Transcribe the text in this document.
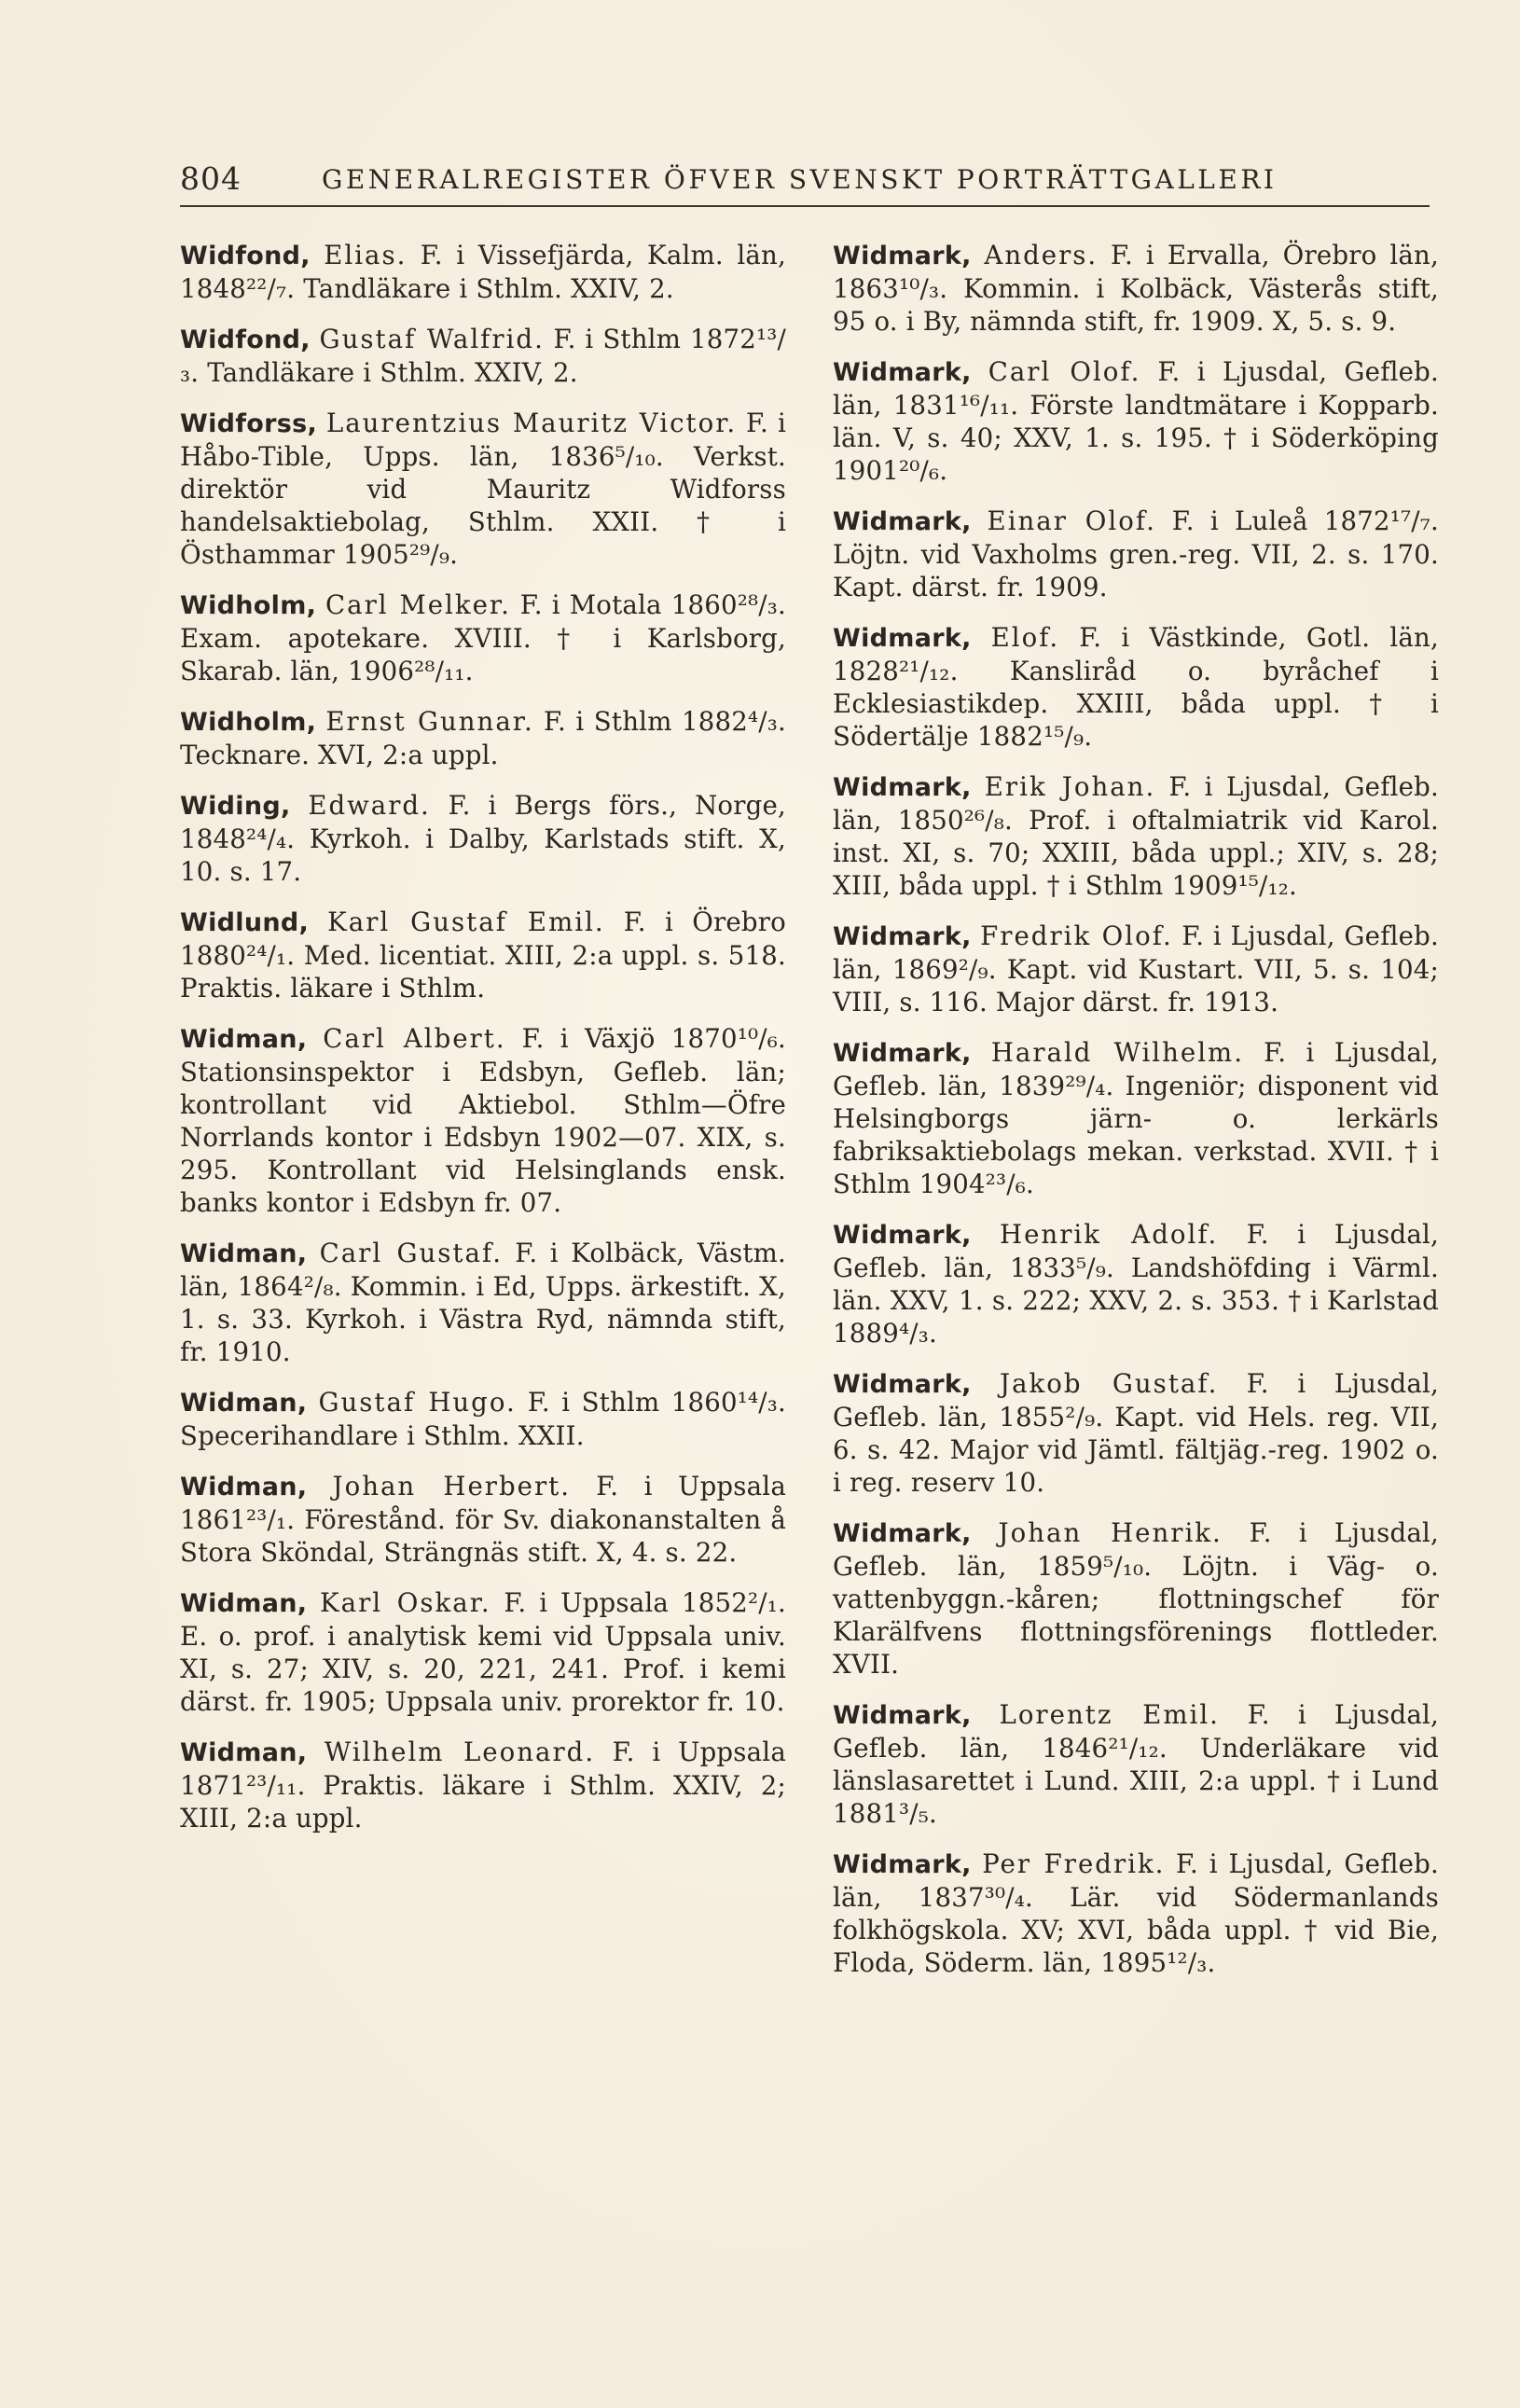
804	GENERALREGISTER ÖFVER SVENSKT PORTRÄTTGALLERI

Widfond, Elias. F. i Vissefjärda, Kalm. län, 1848²²/₇. Tandläkare i Sthlm. XXIV, 2.

Widfond, Gustaf Walfrid. F. i Sthlm 1872¹³/₃. Tandläkare i Sthlm. XXIV, 2.

Widforss, Laurentzius Mauritz Victor. F. i Håbo-Tible, Upps. län, 1836⁵/₁₀. Verkst. direktör vid Mauritz Widforss handelsaktiebolag, Sthlm. XXII. † i Östhammar 1905²⁹/₉.

Widholm, Carl Melker. F. i Motala 1860²⁸/₃. Exam. apotekare. XVIII. † i Karlsborg, Skarab. län, 1906²⁸/₁₁.

Widholm, Ernst Gunnar. F. i Sthlm 1882⁴/₃. Tecknare. XVI, 2:a uppl.

Widing, Edward. F. i Bergs förs., Norge, 1848²⁴/₄. Kyrkoh. i Dalby, Karlstads stift. X, 10. s. 17.

Widlund, Karl Gustaf Emil. F. i Örebro 1880²⁴/₁. Med. licentiat. XIII, 2:a uppl. s. 518. Praktis. läkare i Sthlm.

Widman, Carl Albert. F. i Växjö 1870¹⁰/₆. Stationsinspektor i Edsbyn, Gefleb. län; kontrollant vid Aktiebol. Sthlm—Öfre Norrlands kontor i Edsbyn 1902—07. XIX, s. 295. Kontrollant vid Helsinglands ensk. banks kontor i Edsbyn fr. 07.

Widman, Carl Gustaf. F. i Kolbäck, Västm. län, 1864²/₈. Kommin. i Ed, Upps. ärkestift. X, 1. s. 33. Kyrkoh. i Västra Ryd, nämnda stift, fr. 1910.

Widman, Gustaf Hugo. F. i Sthlm 1860¹⁴/₃. Specerihandlare i Sthlm. XXII.

Widman, Johan Herbert. F. i Uppsala 1861²³/₁. Förestånd. för Sv. diakonanstalten å Stora Sköndal, Strängnäs stift. X, 4. s. 22.

Widman, Karl Oskar. F. i Uppsala 1852²/₁. E. o. prof. i analytisk kemi vid Uppsala univ. XI, s. 27; XIV, s. 20, 221, 241. Prof. i kemi därst. fr. 1905; Uppsala univ. prorektor fr. 10.

Widman, Wilhelm Leonard. F. i Uppsala 1871²³/₁₁. Praktis. läkare i Sthlm. XXIV, 2; XIII, 2:a uppl.

Widmark, Anders. F. i Ervalla, Örebro län, 1863¹⁰/₃. Kommin. i Kolbäck, Västerås stift, 95 o. i By, nämnda stift, fr. 1909. X, 5. s. 9.

Widmark, Carl Olof. F. i Ljusdal, Gefleb. län, 1831¹⁶/₁₁. Förste landtmätare i Kopparb. län. V, s. 40; XXV, 1. s. 195. † i Söderköping 1901²⁰/₆.

Widmark, Einar Olof. F. i Luleå 1872¹⁷/₇. Löjtn. vid Vaxholms gren.-reg. VII, 2. s. 170. Kapt. därst. fr. 1909.

Widmark, Elof. F. i Västkinde, Gotl. län, 1828²¹/₁₂. Kansliråd o. byråchef i Ecklesiastikdep. XXIII, båda uppl. † i Södertälje 1882¹⁵/₉.

Widmark, Erik Johan. F. i Ljusdal, Gefleb. län, 1850²⁶/₈. Prof. i oftalmiatrik vid Karol. inst. XI, s. 70; XXIII, båda uppl.; XIV, s. 28; XIII, båda uppl. † i Sthlm 1909¹⁵/₁₂.

Widmark, Fredrik Olof. F. i Ljusdal, Gefleb. län, 1869²/₉. Kapt. vid Kustart. VII, 5. s. 104; VIII, s. 116. Major därst. fr. 1913.

Widmark, Harald Wilhelm. F. i Ljusdal, Gefleb. län, 1839²⁹/₄. Ingeniör; disponent vid Helsingborgs järn- o. lerkärls fabriksaktiebolags mekan. verkstad. XVII. † i Sthlm 1904²³/₆.

Widmark, Henrik Adolf. F. i Ljusdal, Gefleb. län, 1833⁵/₉. Landshöfding i Värml. län. XXV, 1. s. 222; XXV, 2. s. 353. † i Karlstad 1889⁴/₃.

Widmark, Jakob Gustaf. F. i Ljusdal, Gefleb. län, 1855²/₉. Kapt. vid Hels. reg. VII, 6. s. 42. Major vid Jämtl. fältjäg.-reg. 1902 o. i reg. reserv 10.

Widmark, Johan Henrik. F. i Ljusdal, Gefleb. län, 1859⁵/₁₀. Löjtn. i Väg- o. vattenbyggn.-kåren; flottningschef för Klarälfvens flottningsförenings flottleder. XVII.

Widmark, Lorentz Emil. F. i Ljusdal, Gefleb. län, 1846²¹/₁₂. Underläkare vid länslasarettet i Lund. XIII, 2:a uppl. † i Lund 1881³/₅.

Widmark, Per Fredrik. F. i Ljusdal, Gefleb. län, 1837³⁰/₄. Lär. vid Södermanlands folkhögskola. XV; XVI, båda uppl. † vid Bie, Floda, Söderm. län, 1895¹²/₃.
